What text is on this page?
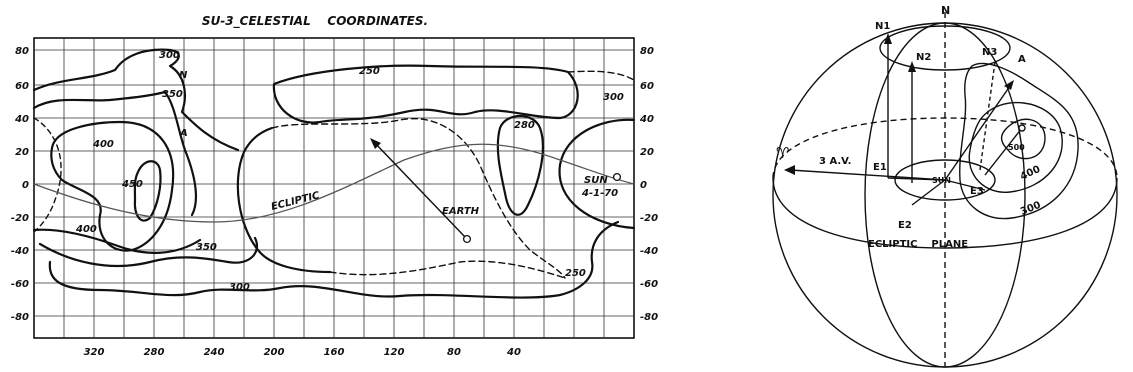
SU-3_CELESTIAL    COORDINATES.
80
60
40
20
0
-20
-40
-60
-80
80
60
40
20
0
-20
-40
-60
-80
320	280	240	200	160	120	80	40
300
250
350
400
450
400
350
300
280
300
250
N
A
ECLIPTIC	EARTH
SUN
4-1-70
N
N1
N2	N3
A
♈	3 A.V.
E1
E2
E3
SUN
500
400
300
ECLIPTIC    PLANE
